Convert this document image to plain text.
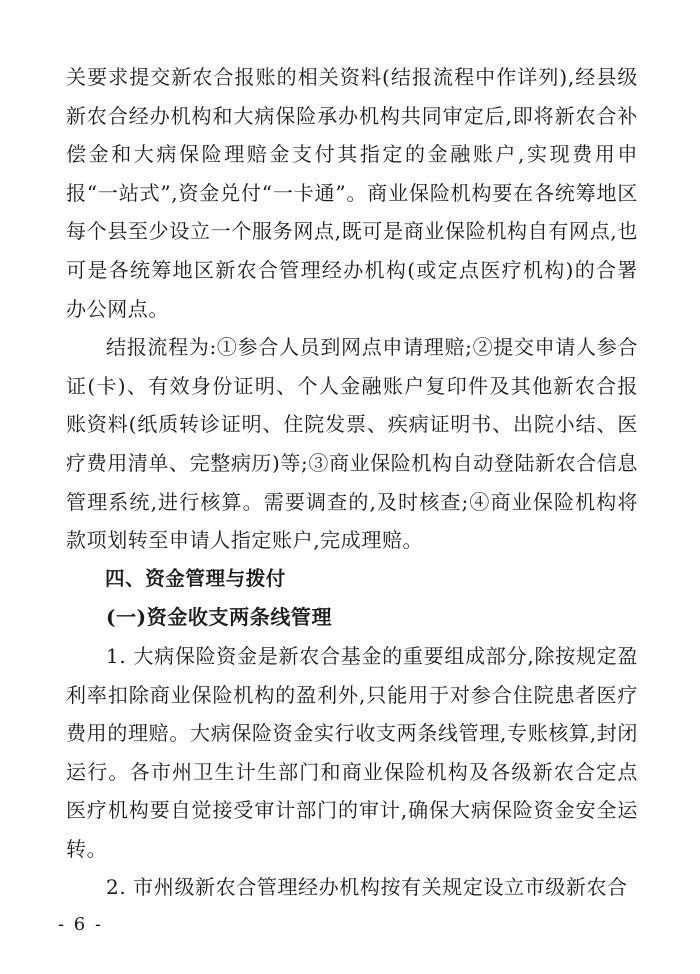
关要求提交新农合报账的相关资料(结报流程中作详列),经县级新农合经办机构和大病保险承办机构共同审定后,即将新农合补偿金和大病保险理赔金支付其指定的金融账户,实现费用申报“一站式”,资金兑付“一卡通”。商业保险机构要在各统筹地区每个县至少设立一个服务网点,既可是商业保险机构自有网点,也可是各统筹地区新农合管理经办机构(或定点医疗机构)的合署办公网点。

结报流程为:①参合人员到网点申请理赔;②提交申请人参合证(卡)、有效身份证明、个人金融账户复印件及其他新农合报账资料(纸质转诊证明、住院发票、疾病证明书、出院小结、医疗费用清单、完整病历)等;③商业保险机构自动登陆新农合信息管理系统,进行核算。需要调查的,及时核查;④商业保险机构将款项划转至申请人指定账户,完成理赔。

四、资金管理与拨付

(一)资金收支两条线管理

1. 大病保险资金是新农合基金的重要组成部分,除按规定盈利率扣除商业保险机构的盈利外,只能用于对参合住院患者医疗费用的理赔。大病保险资金实行收支两条线管理,专账核算,封闭运行。各市州卫生计生部门和商业保险机构及各级新农合定点医疗机构要自觉接受审计部门的审计,确保大病保险资金安全运转。

2. 市州级新农合管理经办机构按有关规定设立市级新农合

- 6 -
